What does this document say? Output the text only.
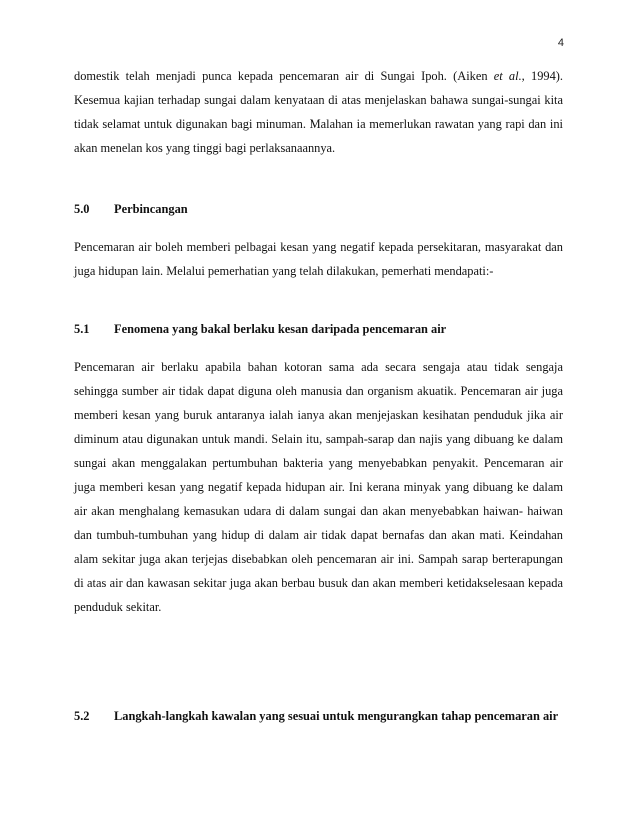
4

domestik telah menjadi punca kepada pencemaran air di Sungai Ipoh. (Aiken et al., 1994). Kesemua kajian terhadap sungai dalam kenyataan di atas menjelaskan bahawa sungai-sungai kita tidak selamat untuk digunakan bagi minuman. Malahan ia memerlukan rawatan yang rapi dan ini akan menelan kos yang tinggi bagi perlaksanaannya.

5.0 Perbincangan

Pencemaran air boleh memberi pelbagai kesan yang negatif kepada persekitaran, masyarakat dan juga hidupan lain. Melalui pemerhatian yang telah dilakukan, pemerhati mendapati:-

5.1 Fenomena yang bakal berlaku kesan daripada pencemaran air

Pencemaran air berlaku apabila bahan kotoran sama ada secara sengaja atau tidak sengaja sehingga sumber air tidak dapat diguna oleh manusia dan organism akuatik. Pencemaran air juga memberi kesan yang buruk antaranya ialah ianya akan menjejaskan kesihatan penduduk jika air diminum atau digunakan untuk mandi. Selain itu, sampah-sarap dan najis yang dibuang ke dalam sungai akan menggalakan pertumbuhan bakteria yang menyebabkan penyakit. Pencemaran air juga memberi kesan yang negatif kepada hidupan air. Ini kerana minyak yang dibuang ke dalam air akan menghalang kemasukan udara di dalam sungai dan akan menyebabkan haiwan- haiwan dan tumbuh-tumbuhan yang hidup di dalam air tidak dapat bernafas dan akan mati. Keindahan alam sekitar juga akan terjejas disebabkan oleh pencemaran air ini. Sampah sarap berterapungan di atas air dan kawasan sekitar juga akan berbau busuk dan akan memberi ketidakselesaan kepada penduduk sekitar.

5.2 Langkah-langkah kawalan yang sesuai untuk mengurangkan tahap pencemaran air
